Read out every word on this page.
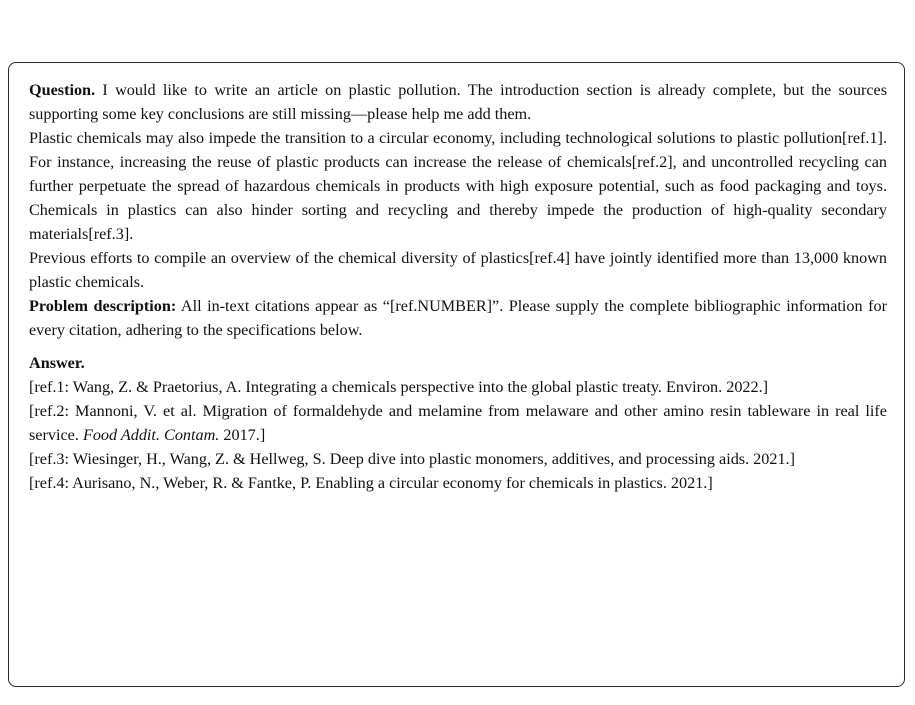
Question. I would like to write an article on plastic pollution. The introduction section is already complete, but the sources supporting some key conclusions are still missing—please help me add them.

Plastic chemicals may also impede the transition to a circular economy, including technological solutions to plastic pollution[ref.1]. For instance, increasing the reuse of plastic products can increase the release of chemicals[ref.2], and uncontrolled recycling can further perpetuate the spread of hazardous chemicals in products with high exposure potential, such as food packaging and toys. Chemicals in plastics can also hinder sorting and recycling and thereby impede the production of high-quality secondary materials[ref.3].

Previous efforts to compile an overview of the chemical diversity of plastics[ref.4] have jointly identified more than 13,000 known plastic chemicals.

Problem description: All in-text citations appear as “[ref.NUMBER]”. Please supply the complete bibliographic information for every citation, adhering to the specifications below.

Answer.

[ref.1: Wang, Z. & Praetorius, A. Integrating a chemicals perspective into the global plastic treaty. Environ. 2022.]

[ref.2: Mannoni, V. et al. Migration of formaldehyde and melamine from melaware and other amino resin tableware in real life service. Food Addit. Contam. 2017.]

[ref.3: Wiesinger, H., Wang, Z. & Hellweg, S. Deep dive into plastic monomers, additives, and processing aids. 2021.]

[ref.4: Aurisano, N., Weber, R. & Fantke, P. Enabling a circular economy for chemicals in plastics. 2021.]
